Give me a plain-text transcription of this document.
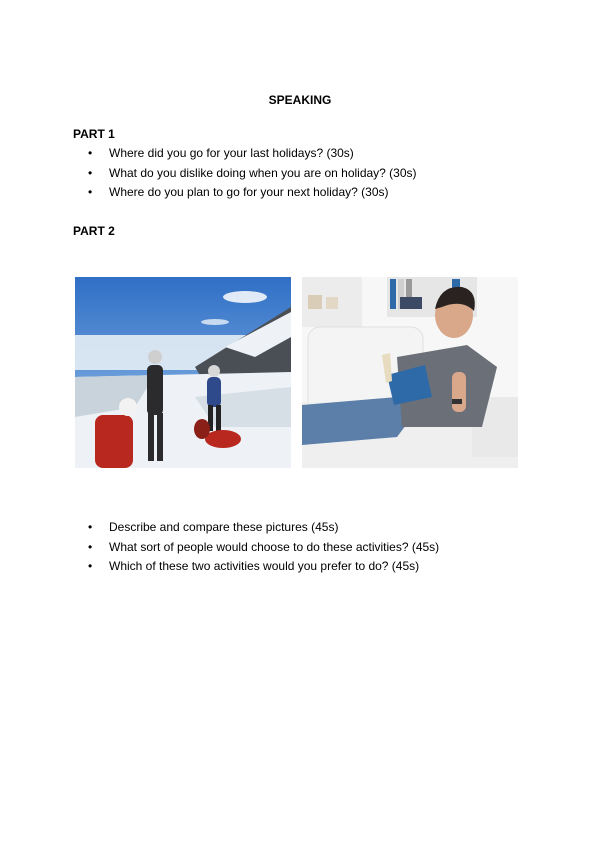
SPEAKING
PART 1
• Where did you go for your last holidays? (30s)
• What do you dislike doing when you are on holiday? (30s)
• Where do you plan to go for your next holiday? (30s)
PART 2
• Describe and compare these pictures (45s)
• What sort of people would choose to do these activities? (45s)
• Which of these two activities would you prefer to do? (45s)
